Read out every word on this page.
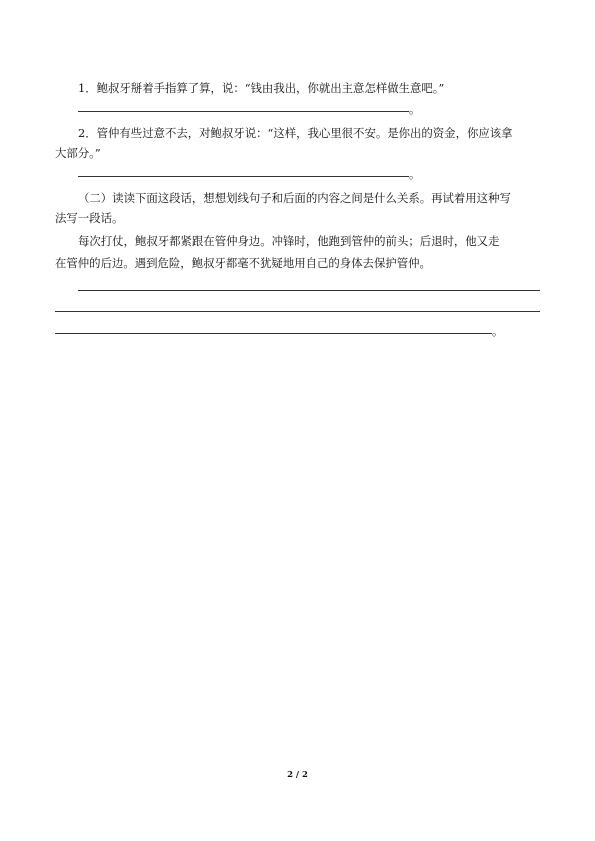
1．鲍叔牙掰着手指算了算，说：“钱由我出，你就出主意怎样做生意吧。”
。
2．管仲有些过意不去，对鲍叔牙说：“这样，我心里很不安。是你出的资金，你应该拿
大部分。”
。
（二）读读下面这段话，想想划线句子和后面的内容之间是什么关系。再试着用这种写
法写一段话。
每次打仗，鲍叔牙都紧跟在管仲身边。冲锋时，他跑到管仲的前头；后退时，他又走
在管仲的后边。遇到危险，鲍叔牙都毫不犹疑地用自己的身体去保护管仲。
。
2 / 2
